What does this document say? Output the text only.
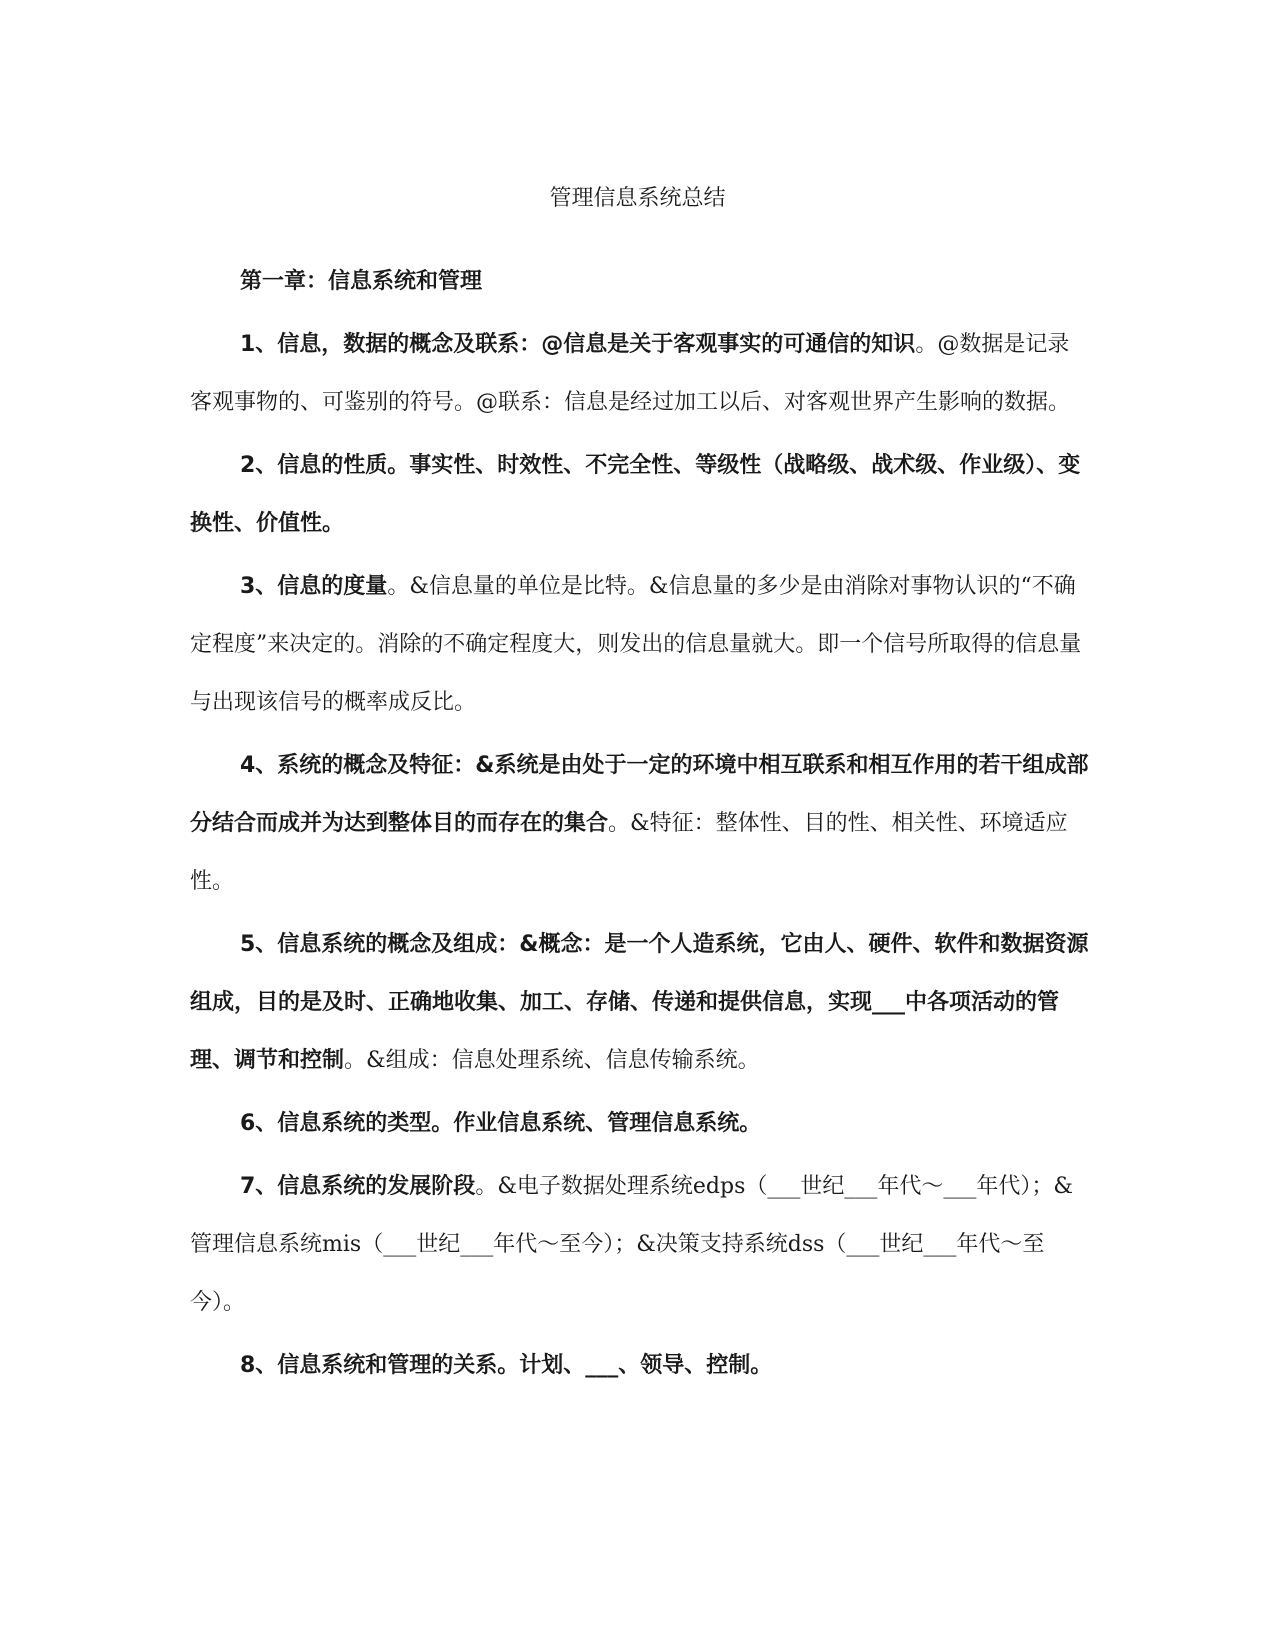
管理信息系统总结

第一章：信息系统和管理

1、信息，数据的概念及联系：@信息是关于客观事实的可通信的知识。@数据是记录客观事物的、可鉴别的符号。@联系：信息是经过加工以后、对客观世界产生影响的数据。

2、信息的性质。事实性、时效性、不完全性、等级性（战略级、战术级、作业级）、变换性、价值性。

3、信息的度量。&信息量的单位是比特。&信息量的多少是由消除对事物认识的“不确定程度”来决定的。消除的不确定程度大，则发出的信息量就大。即一个信号所取得的信息量与出现该信号的概率成反比。

4、系统的概念及特征：&系统是由处于一定的环境中相互联系和相互作用的若干组成部分结合而成并为达到整体目的而存在的集合。&特征：整体性、目的性、相关性、环境适应性。

5、信息系统的概念及组成：&概念：是一个人造系统，它由人、硬件、软件和数据资源组成，目的是及时、正确地收集、加工、存储、传递和提供信息，实现___中各项活动的管理、调节和控制。&组成：信息处理系统、信息传输系统。

6、信息系统的类型。作业信息系统、管理信息系统。

7、信息系统的发展阶段。&电子数据处理系统edps（___世纪___年代～___年代）；&管理信息系统mis（___世纪___年代～至今）；&决策支持系统dss（___世纪___年代～至今）。

8、信息系统和管理的关系。计划、___、领导、控制。
